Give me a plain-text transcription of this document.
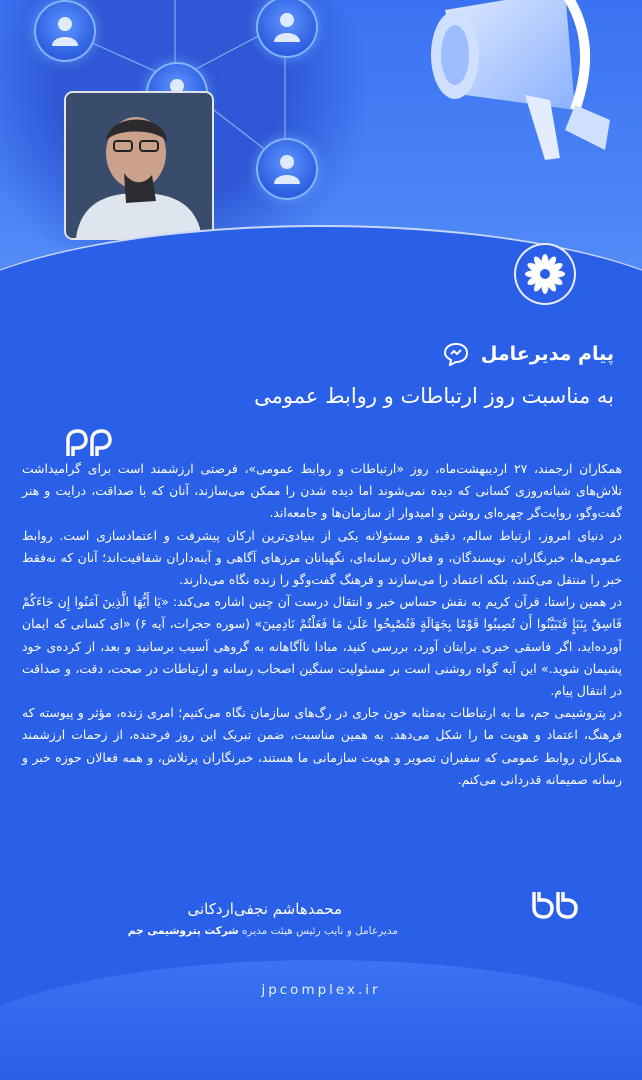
پیام مدیرعامل
به مناسبت روز ارتباطات و روابط عمومی

همکاران ارجمند، ۲۷ اردیبهشت‌ماه، روز «ارتباطات و روابط عمومی»، فرصتی ارزشمند است برای گرامیداشت تلاش‌های شبانه‌روزی کسانی که دیده نمی‌شوند اما دیده شدن را ممکن می‌سازند، آنان که با صداقت، درایت و هنر گفت‌وگو، روایت‌گر چهره‌ای روشن و امیدوار از سازمان‌ها و جامعه‌اند.

در دنیای امروز، ارتباط سالم، دقیق و مسئولانه یکی از بنیادی‌ترین ارکان پیشرفت و اعتمادسازی است. روابط عمومی‌ها، خبرنگاران، نویسندگان، و فعالان رسانه‌ای، نگهبانان مرزهای آگاهی و آینه‌داران شفافیت‌اند؛ آنان که نه‌فقط خبر را منتقل می‌کنند، بلکه اعتماد را می‌سازند و فرهنگ گفت‌وگو را زنده نگاه می‌دارند.

در همین راستا، قرآن کریم به نقش حساس خبر و انتقال درست آن چنین اشاره می‌کند: «يَا أَيُّهَا الَّذِينَ آمَنُوا إِن جَاءَكُمْ فَاسِقٌ بِنَبَإٍ فَتَبَيَّنُوا أَن تُصِيبُوا قَوْمًا بِجَهَالَةٍ فَتُصْبِحُوا عَلَىٰ مَا فَعَلْتُمْ نَادِمِينَ» (سوره حجرات، آیه ۶) «ای کسانی که ایمان آورده‌اید، اگر فاسقی خبری برایتان آورد، بررسی کنید، مبادا ناآگاهانه به گروهی آسیب برسانید و بعد، از کرده‌ی خود پشیمان شوید.» این آیه گواه روشنی است بر مسئولیت سنگین اصحاب رسانه و ارتباطات در صحت، دقت، و صداقت در انتقال پیام.

در پتروشیمی جم، ما به ارتباطات به‌مثابه خون جاری در رگ‌های سازمان نگاه می‌کنیم؛ امری زنده، مؤثر و پیوسته که فرهنگ، اعتماد و هویت ما را شکل می‌دهد. به همین مناسبت، ضمن تبریک این روز فرخنده، از زحمات ارزشمند همکاران روابط عمومی که سفیران تصویر و هویت سازمانی ما هستند، خبرنگاران پرتلاش، و همه فعالان حوزه خبر و رسانه صمیمانه قدردانی می‌کنم.

محمدهاشم نجفی‌اردکانی
مدیرعامل و نایب رئیس هیئت مدیره شرکت پتروشیمی جم
jpcomplex.ir
